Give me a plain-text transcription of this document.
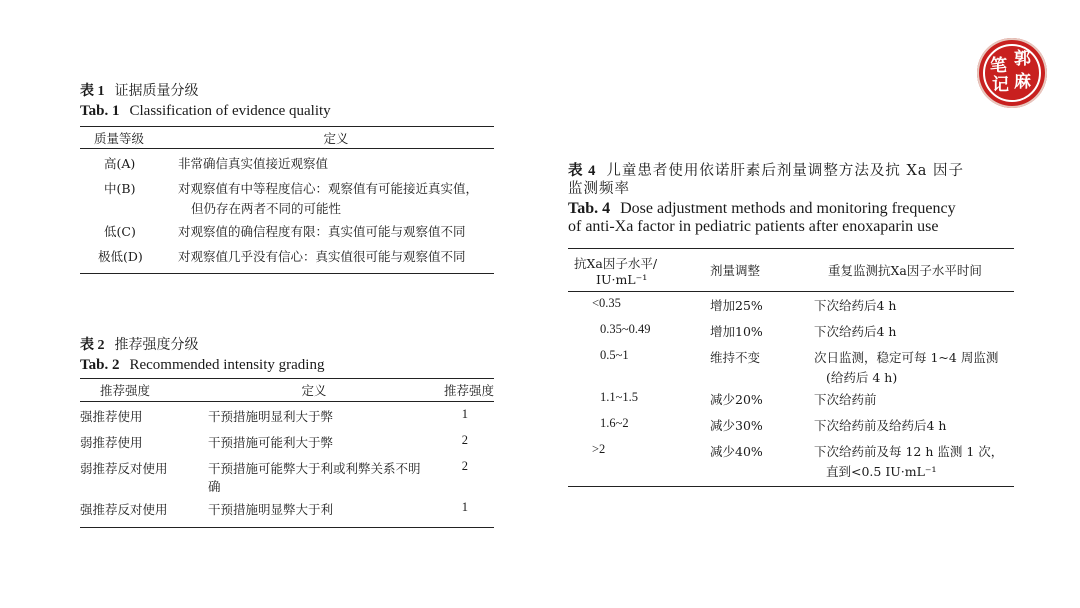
郭
笔
记 麻
表 1 证据质量分级
Tab. 1 Classification of evidence quality
质量等级	定义
高(A)	非常确信真实值接近观察值

中(B)	对观察值有中等程度信心：观察值有可能接近真实值，
但仍存在两者不同的可能性

低(C)	对观察值的确信程度有限：真实值可能与观察值不同

极低(D)	对观察值几乎没有信心：真实值很可能与观察值不同
表 2 推荐强度分级
Tab. 2 Recommended intensity grading
推荐强度	定义	推荐强度
强推荐使用	干预措施明显利大于弊	1
弱推荐使用	干预措施可能利大于弊	2
弱推荐反对使用	干预措施可能弊大于利或利弊关系不明确	2
强推荐反对使用	干预措施明显弊大于利	1
表 4 儿童患者使用依诺肝素后剂量调整方法及抗 Xa 因子
监测频率
Tab. 4 Dose adjustment methods and monitoring frequency
of anti-Xa factor in pediatric patients after enoxaparin use
抗Xa因子水平/
IU·mL⁻¹	剂量调整	重复监测抗Xa因子水平时间
<0.35	增加25%	下次给药后4 h

0.35~0.49	增加10%	下次给药后4 h

0.5~1	维持不变	次日监测，稳定可每 1~4 周监测
(给药后 4 h)

1.1~1.5	减少20%	下次给药前

1.6~2	减少30%	下次给药前及给药后4 h

>2	减少40%	下次给药前及每 12 h 监测 1 次，
直到<0.5 IU·mL⁻¹
